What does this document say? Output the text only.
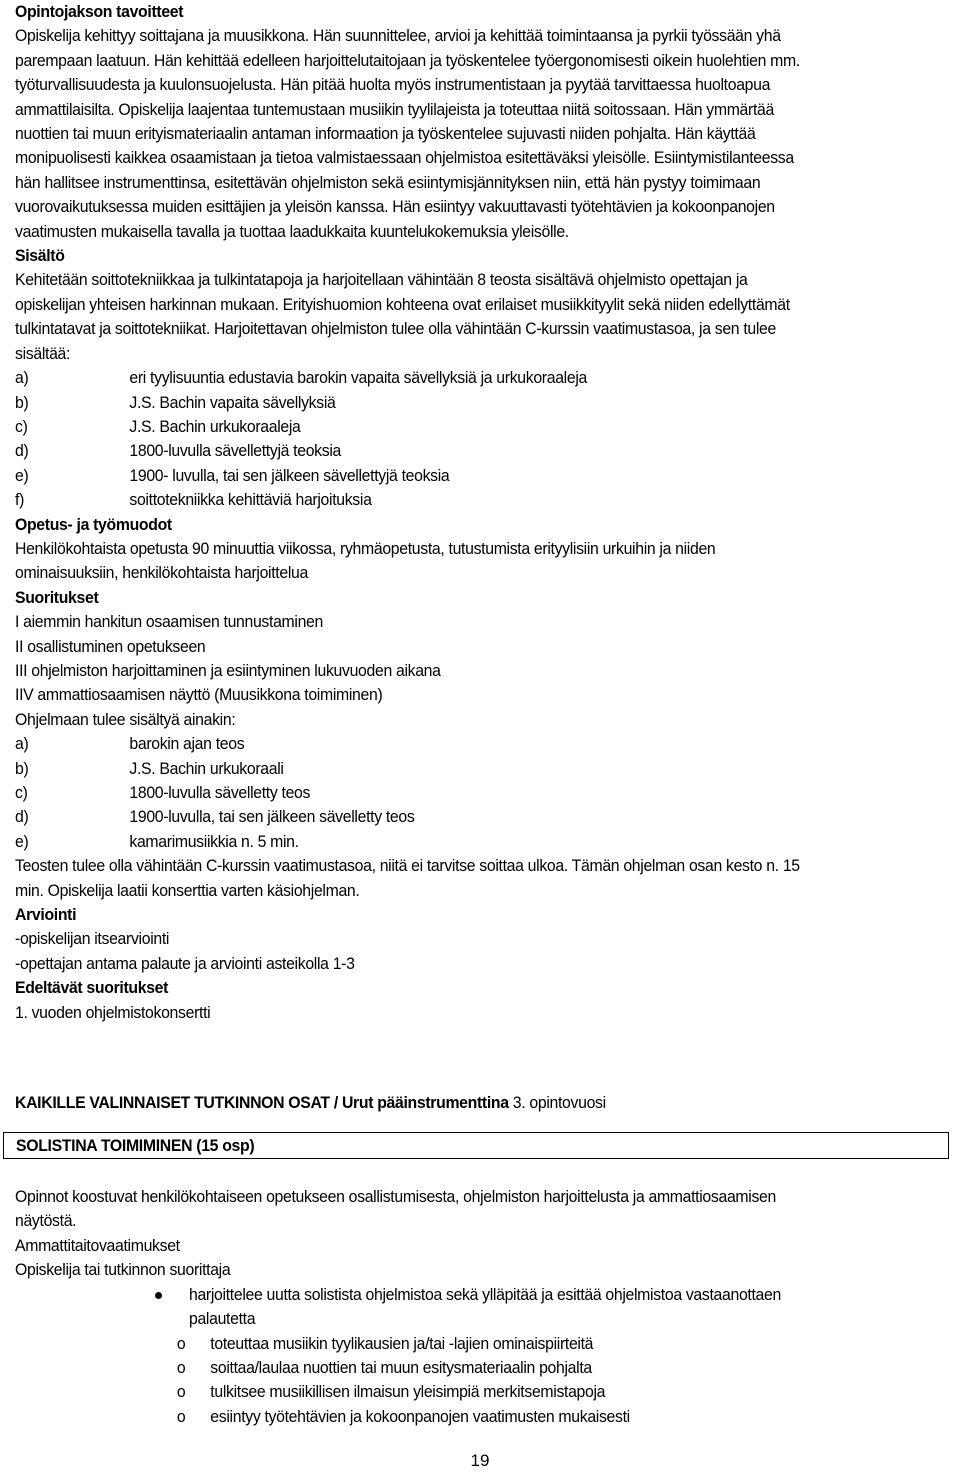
Opintojakson tavoitteet
Opiskelija kehittyy soittajana ja muusikkona. Hän suunnittelee, arvioi ja kehittää toimintaansa ja pyrkii työssään yhä
parempaan laatuun. Hän kehittää edelleen harjoittelutaitojaan ja työskentelee työergonomisesti oikein huolehtien mm.
työturvallisuudesta ja kuulonsuojelusta. Hän pitää huolta myös instrumentistaan ja pyytää tarvittaessa huoltoapua
ammattilaisilta. Opiskelija laajentaa tuntemustaan musiikin tyylilajeista ja toteuttaa niitä soitossaan. Hän ymmärtää
nuottien tai muun erityismateriaalin antaman informaation ja työskentelee sujuvasti niiden pohjalta. Hän käyttää
monipuolisesti kaikkea osaamistaan ja tietoa valmistaessaan ohjelmistoa esitettäväksi yleisölle. Esiintymistilanteessa
hän hallitsee instrumenttinsa, esitettävän ohjelmiston sekä esiintymisjännityksen niin, että hän pystyy toimimaan
vuorovaikutuksessa muiden esittäjien ja yleisön kanssa. Hän esiintyy vakuuttavasti työtehtävien ja kokoonpanojen
vaatimusten mukaisella tavalla ja tuottaa laadukkaita kuuntelukokemuksia yleisölle.
Sisältö
Kehitetään soittotekniikkaa ja tulkintatapoja ja harjoitellaan vähintään 8 teosta sisältävä ohjelmisto opettajan ja
opiskelijan yhteisen harkinnan mukaan. Erityishuomion kohteena ovat erilaiset musiikkityylit sekä niiden edellyttämät
tulkintatavat ja soittotekniikat. Harjoitettavan ohjelmiston tulee olla vähintään C-kurssin vaatimustasoa, ja sen tulee
sisältää:
a)	eri tyylisuuntia edustavia barokin vapaita sävellyksiä ja urkukoraaleja
b)	J.S. Bachin vapaita sävellyksiä
c)	J.S. Bachin urkukoraaleja
d)	1800-luvulla sävellettyjä teoksia
e)	1900- luvulla, tai sen jälkeen sävellettyjä teoksia
f)	soittotekniikka kehittäviä harjoituksia
Opetus- ja työmuodot
Henkilökohtaista opetusta 90 minuuttia viikossa, ryhmäopetusta, tutustumista erityylisiin urkuihin ja niiden
ominaisuuksiin, henkilökohtaista harjoittelua
Suoritukset
I aiemmin hankitun osaamisen tunnustaminen
II osallistuminen opetukseen
III ohjelmiston harjoittaminen ja esiintyminen lukuvuoden aikana
IIV ammattiosaamisen näyttö (Muusikkona toimiminen)
Ohjelmaan tulee sisältyä ainakin:
a)	barokin ajan teos
b)	J.S. Bachin urkukoraali
c)	1800-luvulla sävelletty teos
d)	1900-luvulla, tai sen jälkeen sävelletty teos
e)	kamarimusiikkia n. 5 min.
Teosten tulee olla vähintään C-kurssin vaatimustasoa, niitä ei tarvitse soittaa ulkoa. Tämän ohjelman osan kesto n. 15
min. Opiskelija laatii konserttia varten käsiohjelman.
Arviointi
-opiskelijan itsearviointi
-opettajan antama palaute ja arviointi asteikolla 1-3
Edeltävät suoritukset
1. vuoden ohjelmistokonsertti
KAIKILLE VALINNAISET TUTKINNON OSAT / Urut pääinstrumenttina 3. opintovuosi
SOLISTINA TOIMIMINEN (15 osp)
Opinnot koostuvat henkilökohtaiseen opetukseen osallistumisesta, ohjelmiston harjoittelusta ja ammattiosaamisen
näytöstä.
Ammattitaitovaatimukset
Opiskelija tai tutkinnon suorittaja
harjoittelee uutta solistista ohjelmistoa sekä ylläpitää ja esittää ohjelmistoa vastaanottaen
palautetta
o toteuttaa musiikin tyylikausien ja/tai -lajien ominaispiirteitä
o soittaa/laulaa nuottien tai muun esitysmateriaalin pohjalta
o tulkitsee musiikillisen ilmaisun yleisimpiä merkitsemistapoja
o esiintyy työtehtävien ja kokoonpanojen vaatimusten mukaisesti
19
